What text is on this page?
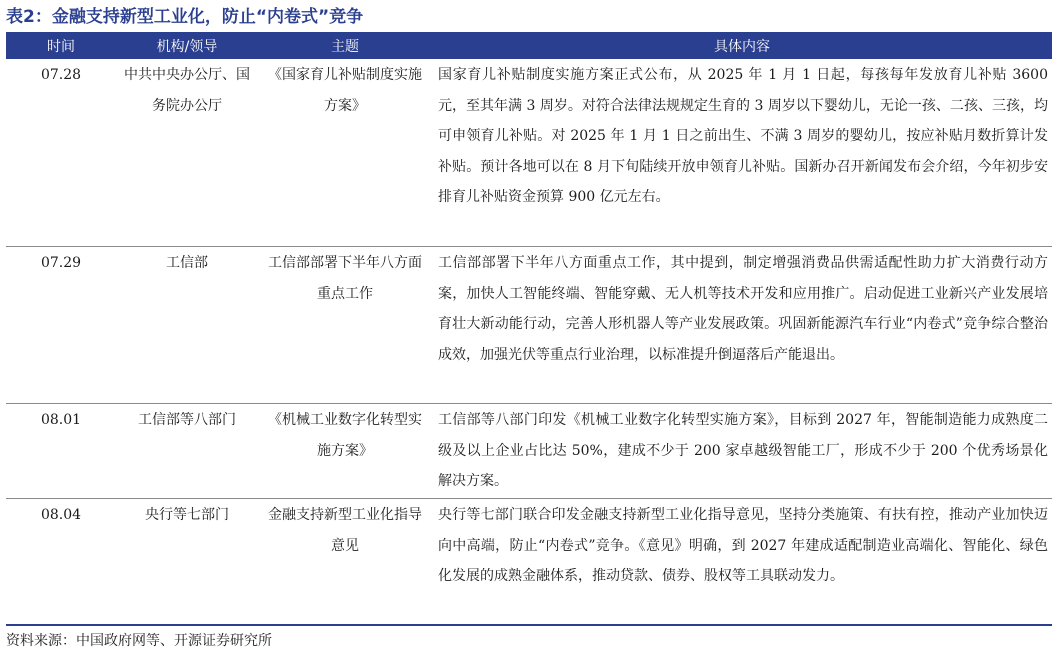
表2：金融支持新型工业化，防止“内卷式”竞争
时间	机构/领导	主题	具体内容
07.28	中共中央办公厅、国务院办公厅	《国家育儿补贴制度实施方案》	国家育儿补贴制度实施方案正式公布，从 2025 年 1 月 1 日起，每孩每年发放育儿补贴 3600 元，至其年满 3 周岁。对符合法律法规规定生育的 3 周岁以下婴幼儿，无论一孩、二孩、三孩，均可申领育儿补贴。对 2025 年 1 月 1 日之前出生、不满 3 周岁的婴幼儿，按应补贴月数折算计发补贴。预计各地可以在 8 月下旬陆续开放申领育儿补贴。国新办召开新闻发布会介绍，今年初步安排育儿补贴资金预算 900 亿元左右。
07.29	工信部	工信部部署下半年八方面重点工作	工信部部署下半年八方面重点工作，其中提到，制定增强消费品供需适配性助力扩大消费行动方案，加快人工智能终端、智能穿戴、无人机等技术开发和应用推广。启动促进工业新兴产业发展培育壮大新动能行动，完善人形机器人等产业发展政策。巩固新能源汽车行业“内卷式”竞争综合整治成效，加强光伏等重点行业治理，以标准提升倒逼落后产能退出。
08.01	工信部等八部门	《机械工业数字化转型实施方案》	工信部等八部门印发《机械工业数字化转型实施方案》，目标到 2027 年，智能制造能力成熟度二级及以上企业占比达 50%，建成不少于 200 家卓越级智能工厂，形成不少于 200 个优秀场景化解决方案。
08.04	央行等七部门	金融支持新型工业化指导意见	央行等七部门联合印发金融支持新型工业化指导意见，坚持分类施策、有扶有控，推动产业加快迈向中高端，防止“内卷式”竞争。《意见》明确，到 2027 年建成适配制造业高端化、智能化、绿色化发展的成熟金融体系，推动贷款、债券、股权等工具联动发力。
资料来源：中国政府网等、开源证券研究所
